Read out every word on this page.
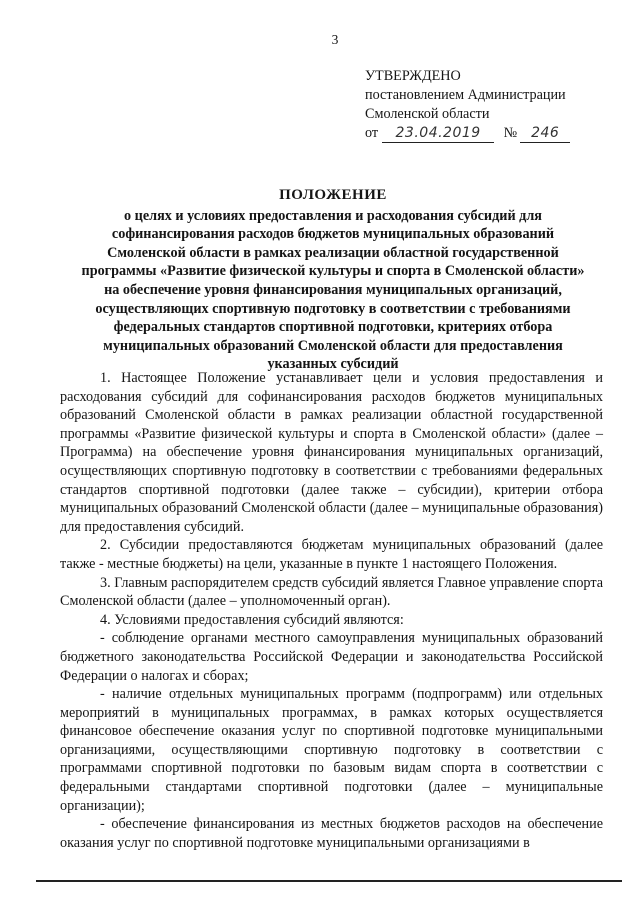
3
УТВЕРЖДЕНО
постановлением Администрации
Смоленской области
от 23.04.2019 № 246
ПОЛОЖЕНИЕ
о целях и условиях предоставления и расходования субсидий для
софинансирования расходов бюджетов муниципальных образований
Смоленской области в рамках реализации областной государственной
программы «Развитие физической культуры и спорта в Смоленской области»
на обеспечение уровня финансирования муниципальных организаций,
осуществляющих спортивную подготовку в соответствии с требованиями
федеральных стандартов спортивной подготовки, критериях отбора
муниципальных образований Смоленской области для предоставления
указанных субсидий

1. Настоящее Положение устанавливает цели и условия предоставления и расходования субсидий для софинансирования расходов бюджетов муниципальных образований Смоленской области в рамках реализации областной государственной программы «Развитие физической культуры и спорта в Смоленской области» (далее – Программа) на обеспечение уровня финансирования муниципальных организаций, осуществляющих спортивную подготовку в соответствии с требованиями федеральных стандартов спортивной подготовки (далее также – субсидии), критерии отбора муниципальных образований Смоленской области (далее – муниципальные образования) для предоставления субсидий.

2. Субсидии предоставляются бюджетам муниципальных образований (далее также - местные бюджеты) на цели, указанные в пункте 1 настоящего Положения.

3. Главным распорядителем средств субсидий является Главное управление спорта Смоленской области (далее – уполномоченный орган).

4. Условиями предоставления субсидий являются:

- соблюдение органами местного самоуправления муниципальных образований бюджетного законодательства Российской Федерации и законодательства Российской Федерации о налогах и сборах;

- наличие отдельных муниципальных программ (подпрограмм) или отдельных мероприятий в муниципальных программах, в рамках которых осуществляется финансовое обеспечение оказания услуг по спортивной подготовке муниципальными организациями, осуществляющими спортивную подготовку в соответствии с программами спортивной подготовки по базовым видам спорта в соответствии с федеральными стандартами спортивной подготовки (далее – муниципальные организации);

- обеспечение финансирования из местных бюджетов расходов на обеспечение оказания услуг по спортивной подготовке муниципальными организациями в
